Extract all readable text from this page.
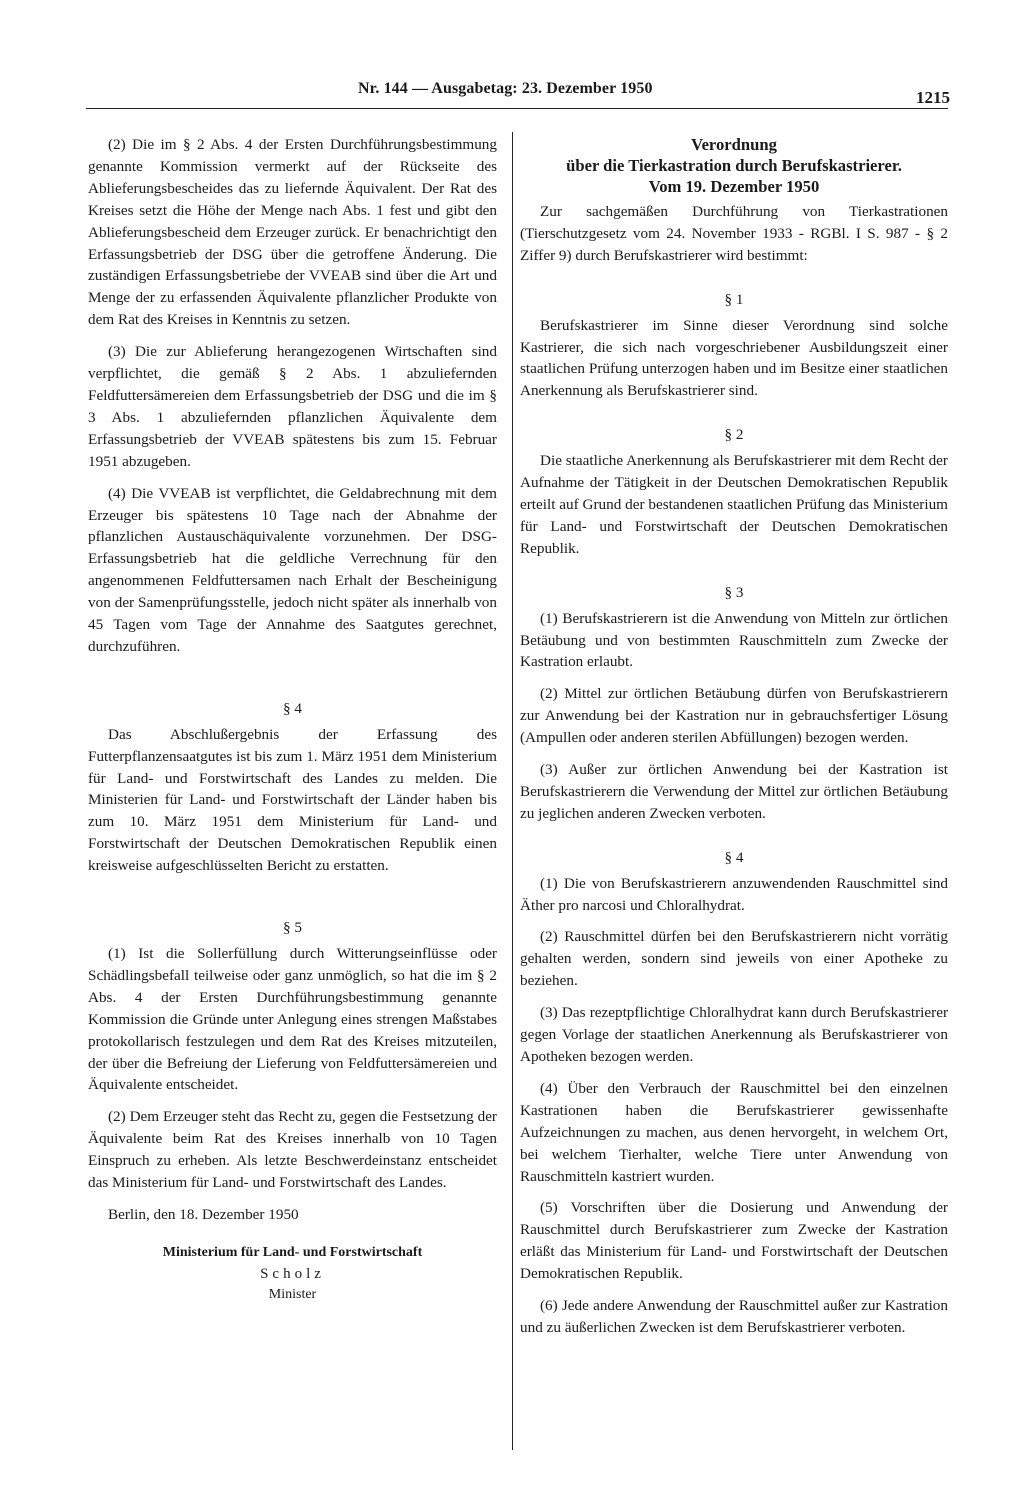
Nr. 144 — Ausgabetag: 23. Dezember 1950	1215

(2) Die im § 2 Abs. 4 der Ersten Durchführungsbestimmung genannte Kommission vermerkt auf der Rückseite des Ablieferungsbescheides das zu liefernde Äquivalent. Der Rat des Kreises setzt die Höhe der Menge nach Abs. 1 fest und gibt den Ablieferungsbescheid dem Erzeuger zurück. Er benachrichtigt den Erfassungsbetrieb der DSG über die getroffene Änderung. Die zuständigen Erfassungsbetriebe der VVEAB sind über die Art und Menge der zu erfassenden Äquivalente pflanzlicher Produkte von dem Rat des Kreises in Kenntnis zu setzen.

(3) Die zur Ablieferung herangezogenen Wirtschaften sind verpflichtet, die gemäß § 2 Abs. 1 abzuliefernden Feldfuttersämereien dem Erfassungsbetrieb der DSG und die im § 3 Abs. 1 abzuliefernden pflanzlichen Äquivalente dem Erfassungsbetrieb der VVEAB spätestens bis zum 15. Februar 1951 abzugeben.

(4) Die VVEAB ist verpflichtet, die Geldabrechnung mit dem Erzeuger bis spätestens 10 Tage nach der Abnahme der pflanzlichen Austauschäquivalente vorzunehmen. Der DSG-Erfassungsbetrieb hat die geldliche Verrechnung für den angenommenen Feldfuttersamen nach Erhalt der Bescheinigung von der Samenprüfungsstelle, jedoch nicht später als innerhalb von 45 Tagen vom Tage der Annahme des Saatgutes gerechnet, durchzuführen.

§ 4

Das Abschlußergebnis der Erfassung des Futterpflanzensaatgutes ist bis zum 1. März 1951 dem Ministerium für Land- und Forstwirtschaft des Landes zu melden. Die Ministerien für Land- und Forstwirtschaft der Länder haben bis zum 10. März 1951 dem Ministerium für Land- und Forstwirtschaft der Deutschen Demokratischen Republik einen kreisweise aufgeschlüsselten Bericht zu erstatten.

§ 5

(1) Ist die Sollerfüllung durch Witterungseinflüsse oder Schädlingsbefall teilweise oder ganz unmöglich, so hat die im § 2 Abs. 4 der Ersten Durchführungsbestimmung genannte Kommission die Gründe unter Anlegung eines strengen Maßstabes protokollarisch festzulegen und dem Rat des Kreises mitzuteilen, der über die Befreiung der Lieferung von Feldfuttersämereien und Äquivalente entscheidet.

(2) Dem Erzeuger steht das Recht zu, gegen die Festsetzung der Äquivalente beim Rat des Kreises innerhalb von 10 Tagen Einspruch zu erheben. Als letzte Beschwerdeinstanz entscheidet das Ministerium für Land- und Forstwirtschaft des Landes.

Berlin, den 18. Dezember 1950

Ministerium für Land- und Forstwirtschaft
Scholz
Minister
Verordnung
über die Tierkastration durch Berufskastrierer.
Vom 19. Dezember 1950

Zur sachgemäßen Durchführung von Tierkastrationen (Tierschutzgesetz vom 24. November 1933 - RGBl. I S. 987 - § 2 Ziffer 9) durch Berufskastrierer wird bestimmt:

§ 1

Berufskastrierer im Sinne dieser Verordnung sind solche Kastrierer, die sich nach vorgeschriebener Ausbildungszeit einer staatlichen Prüfung unterzogen haben und im Besitze einer staatlichen Anerkennung als Berufskastrierer sind.

§ 2

Die staatliche Anerkennung als Berufskastrierer mit dem Recht der Aufnahme der Tätigkeit in der Deutschen Demokratischen Republik erteilt auf Grund der bestandenen staatlichen Prüfung das Ministerium für Land- und Forstwirtschaft der Deutschen Demokratischen Republik.

§ 3

(1) Berufskastrierern ist die Anwendung von Mitteln zur örtlichen Betäubung und von bestimmten Rauschmitteln zum Zwecke der Kastration erlaubt.

(2) Mittel zur örtlichen Betäubung dürfen von Berufskastrierern zur Anwendung bei der Kastration nur in gebrauchsfertiger Lösung (Ampullen oder anderen sterilen Abfüllungen) bezogen werden.

(3) Außer zur örtlichen Anwendung bei der Kastration ist Berufskastrierern die Verwendung der Mittel zur örtlichen Betäubung zu jeglichen anderen Zwecken verboten.

§ 4

(1) Die von Berufskastrierern anzuwendenden Rauschmittel sind Äther pro narcosi und Chloralhydrat.

(2) Rauschmittel dürfen bei den Berufskastrierern nicht vorrätig gehalten werden, sondern sind jeweils von einer Apotheke zu beziehen.

(3) Das rezeptpflichtige Chloralhydrat kann durch Berufskastrierer gegen Vorlage der staatlichen Anerkennung als Berufskastrierer von Apotheken bezogen werden.

(4) Über den Verbrauch der Rauschmittel bei den einzelnen Kastrationen haben die Berufskastrierer gewissenhafte Aufzeichnungen zu machen, aus denen hervorgeht, in welchem Ort, bei welchem Tierhalter, welche Tiere unter Anwendung von Rauschmitteln kastriert wurden.

(5) Vorschriften über die Dosierung und Anwendung der Rauschmittel durch Berufskastrierer zum Zwecke der Kastration erläßt das Ministerium für Land- und Forstwirtschaft der Deutschen Demokratischen Republik.

(6) Jede andere Anwendung der Rauschmittel außer zur Kastration und zu äußerlichen Zwecken ist dem Berufskastrierer verboten.
